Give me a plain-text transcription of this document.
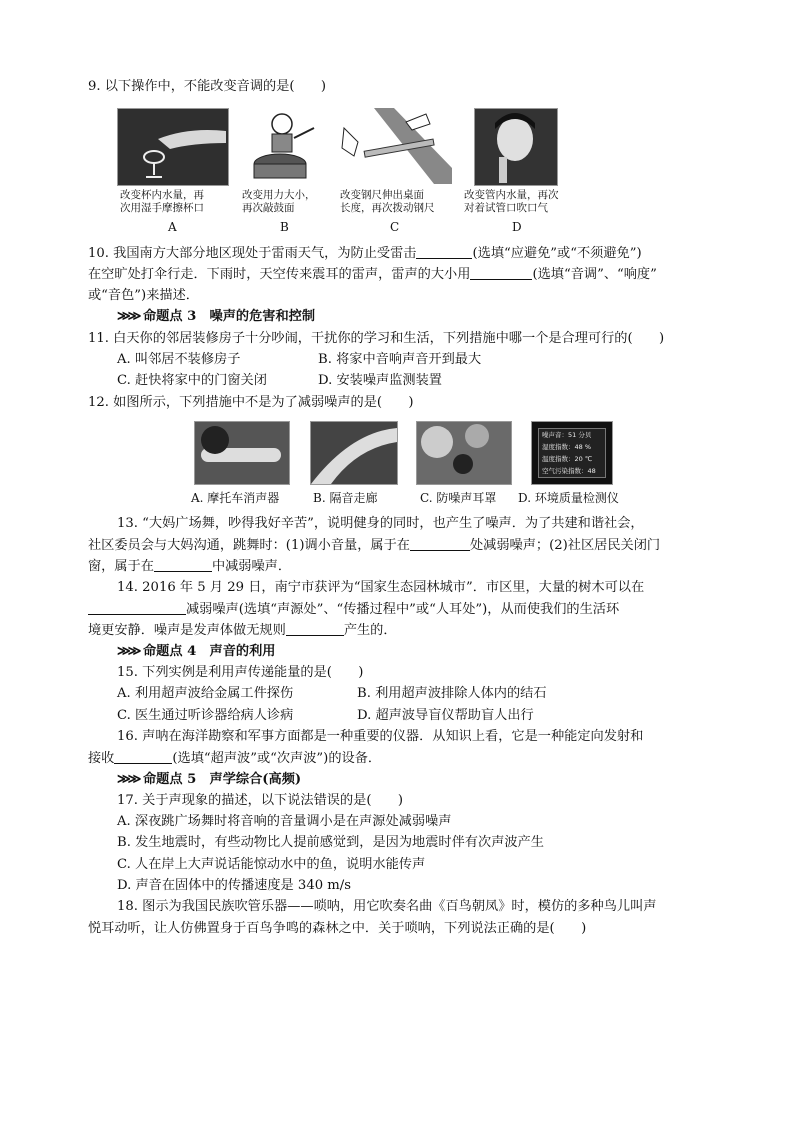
9. 以下操作中，不能改变音调的是(　　)
改变杯内水量，再
次用湿手摩擦杯口
改变用力大小，
再次敲鼓面
改变钢尺伸出桌面
长度，再次拨动钢尺
改变管内水量，再次
对着试管口吹口气
A	B	C	D
10. 我国南方大部分地区现处于雷雨天气，为防止受雷击	(选填“应避免”或“不须避免”)
在空旷处打伞行走．下雨时，天空传来震耳的雷声，雷声的大小用	(选填“音调”、“响度”
或“音色”)来描述．
≫≫ 命题点 3　噪声的危害和控制
11. 白天你的邻居装修房子十分吵闹，干扰你的学习和生活，下列措施中哪一个是合理可行的(　　)
A. 叫邻居不装修房子	B. 将家中音响声音开到最大
C. 赶快将家中的门窗关闭	D. 安装噪声监测装置
12. 如图所示，下列措施中不是为了减弱噪声的是(　　)
噪声音：51 分贝
湿度指数：48 %
温度指数：20 ℃
空气污染指数：48
A. 摩托车消声器	B. 隔音走廊	C. 防噪声耳罩 D. 环境质量检测仪
13. “大妈广场舞，吵得我好辛苦”，说明健身的同时，也产生了噪声．为了共建和谐社会，
社区委员会与大妈沟通，跳舞时：(1)调小音量，属于在	处减弱噪声；(2)社区居民关闭门
窗，属于在	中减弱噪声．
14. 2016 年 5 月 29 日，南宁市获评为“国家生态园林城市”．市区里，大量的树木可以在
减弱噪声(选填“声源处”、“传播过程中”或“人耳处”)，从而使我们的生活环
境更安静．噪声是发声体做无规则	产生的．
≫≫ 命题点 4　声音的利用
15. 下列实例是利用声传递能量的是(　　)
A. 利用超声波给金属工件探伤	B. 利用超声波排除人体内的结石
C. 医生通过听诊器给病人诊病	D. 超声波导盲仪帮助盲人出行
16. 声呐在海洋勘察和军事方面都是一种重要的仪器．从知识上看，它是一种能定向发射和
接收	(选填“超声波”或“次声波”)的设备．
≫≫ 命题点 5　声学综合(高频)
17. 关于声现象的描述，以下说法错误的是(　　)
A. 深夜跳广场舞时将音响的音量调小是在声源处减弱噪声
B. 发生地震时，有些动物比人提前感觉到，是因为地震时伴有次声波产生
C. 人在岸上大声说话能惊动水中的鱼，说明水能传声
D. 声音在固体中的传播速度是 340 m/s
18. 图示为我国民族吹管乐器——唢呐，用它吹奏名曲《百鸟朝凤》时，模仿的多种鸟儿叫声
悦耳动听，让人仿佛置身于百鸟争鸣的森林之中．关于唢呐，下列说法正确的是(　　)
